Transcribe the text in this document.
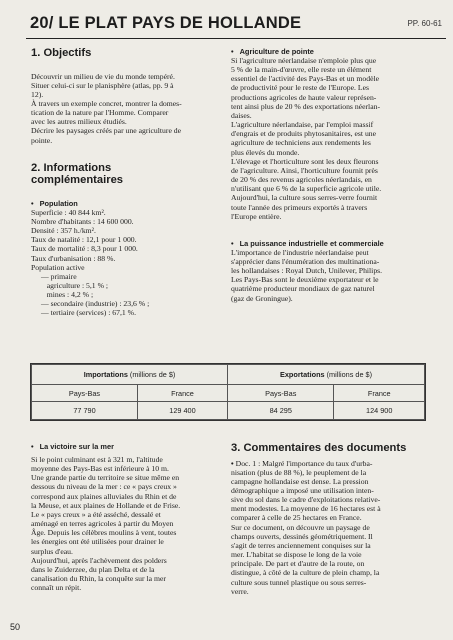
20/ LE PLAT PAYS DE HOLLANDE	PP. 60-61

1. Objectifs

Découvrir un milieu de vie du monde tempéré.

Situer celui-ci sur le planisphère (atlas, pp. 9 à

12).

À travers un exemple concret, montrer la domes-

tication de la nature par l'Homme. Comparer

avec les autres milieux étudiés.

Décrire les paysages créés par une agriculture de

pointe.

2. Informations

complémentaires

• Population

Superficie : 40 844 km².

Nombre d'habitants : 14 600 000.

Densité : 357 h./km².

Taux de natalité : 12,1 pour 1 000.

Taux de mortalité : 8,3 pour 1 000.

Taux d'urbanisation : 88 %.

Population active

— primaire

agriculture : 5,1 % ;

mines : 4,2 % ;

— secondaire (industrie) : 23,6 % ;

— tertiaire (services) : 67,1 %.

• Agriculture de pointe

Si l'agriculture néerlandaise n'emploie plus que

5 % de la main-d'œuvre, elle reste un élément

essentiel de l'activité des Pays-Bas et un modèle

de productivité pour le reste de l'Europe. Les

productions agricoles de haute valeur représen-

tent ainsi plus de 20 % des exportations néerlan-

daises.

L'agriculture néerlandaise, par l'emploi massif

d'engrais et de produits phytosanitaires, est une

agriculture de techniciens aux rendements les

plus élevés du monde.

L'élevage et l'horticulture sont les deux fleurons

de l'agriculture. Ainsi, l'horticulture fournit près

de 20 % des revenus agricoles néerlandais, en

n'utilisant que 6 % de la superficie agricole utile.

Aujourd'hui, la culture sous serres-verre fournit

toute l'année des primeurs exportés à travers

l'Europe entière.

• La puissance industrielle et commerciale

L'importance de l'industrie néerlandaise peut

s'apprécier dans l'énumération des multinationa-

les hollandaises : Royal Dutch, Unilever, Philips.

Les Pays-Bas sont le deuxième exportateur et le

quatrième producteur mondiaux de gaz naturel

(gaz de Groningue).

Importations (millions de $)		Exportations (millions de $)	
Pays-Bas	France	Pays-Bas	France
77 790	129 400	84 295	124 900

• La victoire sur la mer

Si le point culminant est à 321 m, l'altitude

moyenne des Pays-Bas est inférieure à 10 m.

Une grande partie du territoire se situe même en

dessous du niveau de la mer : ce « pays creux »

correspond aux plaines alluviales du Rhin et de

la Meuse, et aux plaines de Hollande et de Frise.

Le « pays creux » a été asséché, dessalé et

aménagé en terres agricoles à partir du Moyen

Âge. Depuis les célèbres moulins à vent, toutes

les énergies ont été utilisées pour drainer le

surplus d'eau.

Aujourd'hui, après l'achèvement des polders

dans le Zuiderzee, du plan Delta et de la

canalisation du Rhin, la conquête sur la mer

connaît un répit.

3. Commentaires des documents

• Doc. 1 : Malgré l'importance du taux d'urba-

nisation (plus de 88 %), le peuplement de la

campagne hollandaise est dense. La pression

démographique a imposé une utilisation inten-

sive du sol dans le cadre d'exploitations relative-

ment modestes. La moyenne de 16 hectares est à

comparer à celle de 25 hectares en France.

Sur ce document, on découvre un paysage de

champs ouverts, dessinés géométriquement. Il

s'agit de terres anciennement conquises sur la

mer. L'habitat se dispose le long de la voie

principale. De part et d'autre de la route, on

distingue, à côté de la culture de plein champ, la

culture sous tunnel plastique ou sous serres-

verre.

50
